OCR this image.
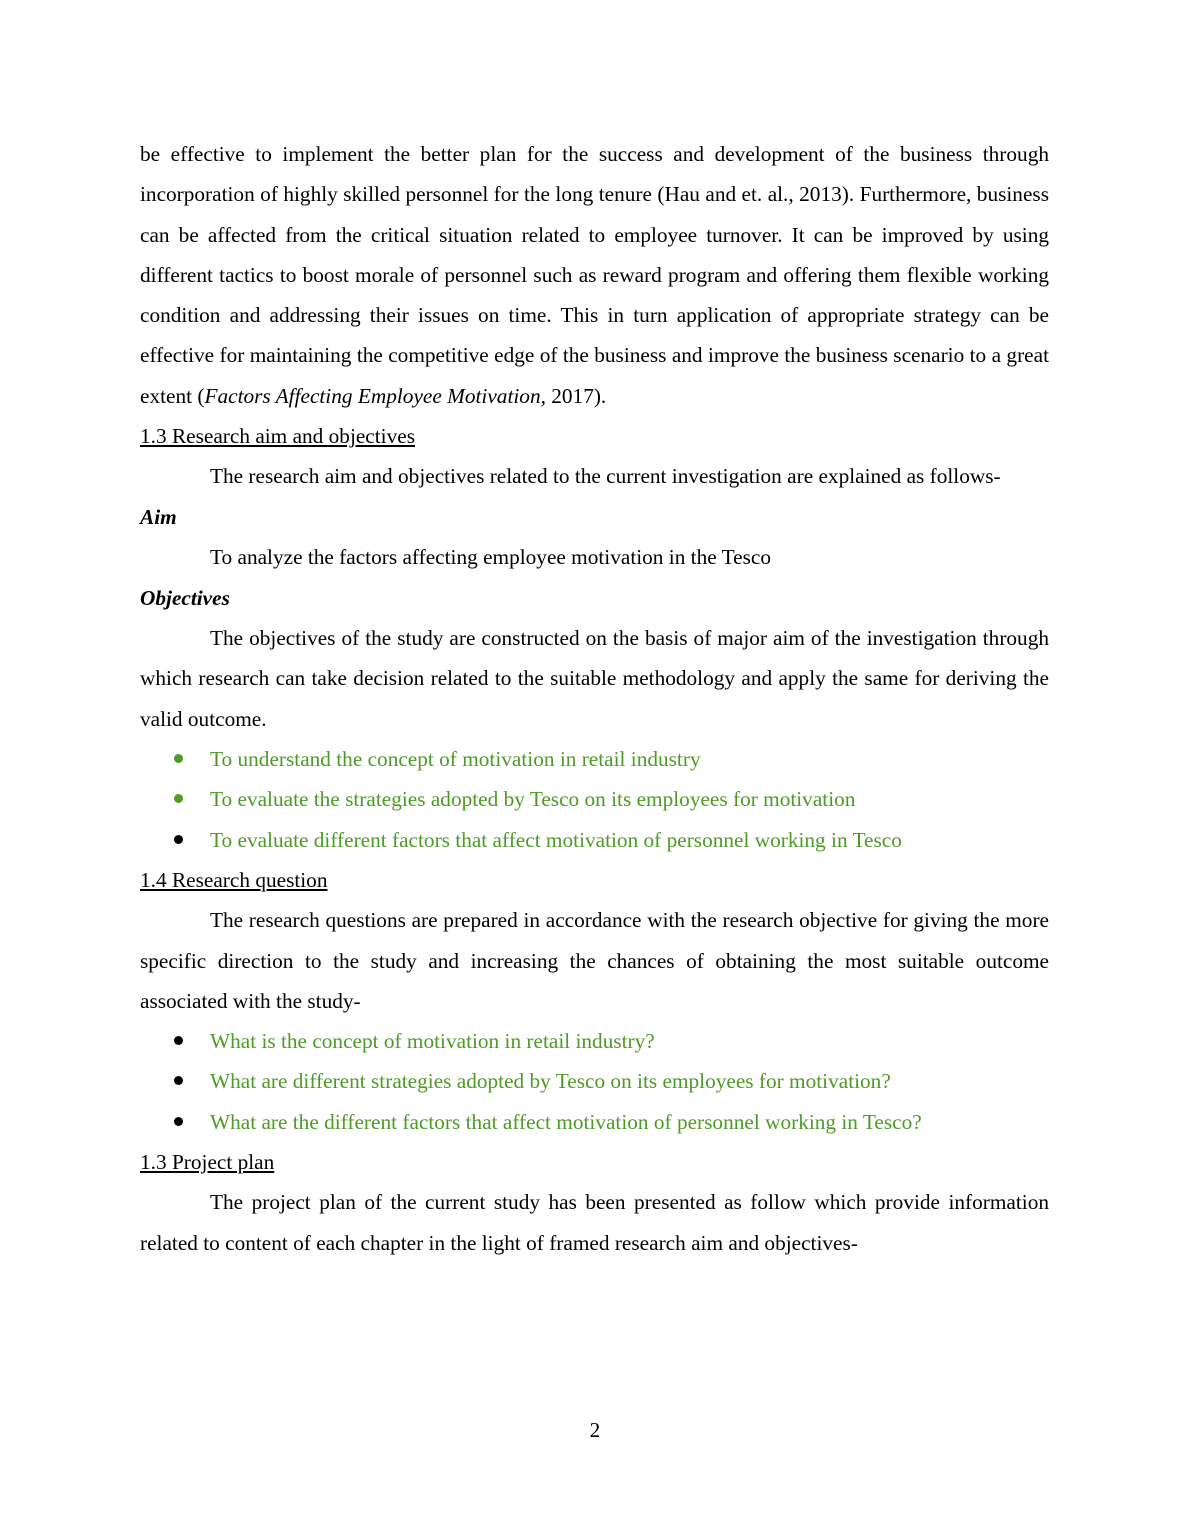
be effective to implement the better plan for the success and development of the business through incorporation of highly skilled personnel for the long tenure (Hau and et. al., 2013). Furthermore, business can be affected from the critical situation related to employee turnover. It can be improved by using different tactics to boost morale of personnel such as reward program and offering them flexible working condition and addressing their issues on time. This in turn application of appropriate strategy can be effective for maintaining the competitive edge of the business and improve the business scenario to a great extent (Factors Affecting Employee Motivation, 2017).

1.3 Research aim and objectives

The research aim and objectives related to the current investigation are explained as follows-

Aim

To analyze the factors affecting employee motivation in the Tesco

Objectives

The objectives of the study are constructed on the basis of major aim of the investigation through which research can take decision related to the suitable methodology and apply the same for deriving the valid outcome.

To understand the concept of motivation in retail industry
To evaluate the strategies adopted by Tesco on its employees for motivation
To evaluate different factors that affect motivation of personnel working in Tesco

1.4 Research question

The research questions are prepared in accordance with the research objective for giving the more specific direction to the study and increasing the chances of obtaining the most suitable outcome associated with the study-

What is the concept of motivation in retail industry?
What are different strategies adopted by Tesco on its employees for motivation?
What are the different factors that affect motivation of personnel working in Tesco?

1.3 Project plan

The project plan of the current study has been presented as follow which provide information related to content of each chapter in the light of framed research aim and objectives-

2
